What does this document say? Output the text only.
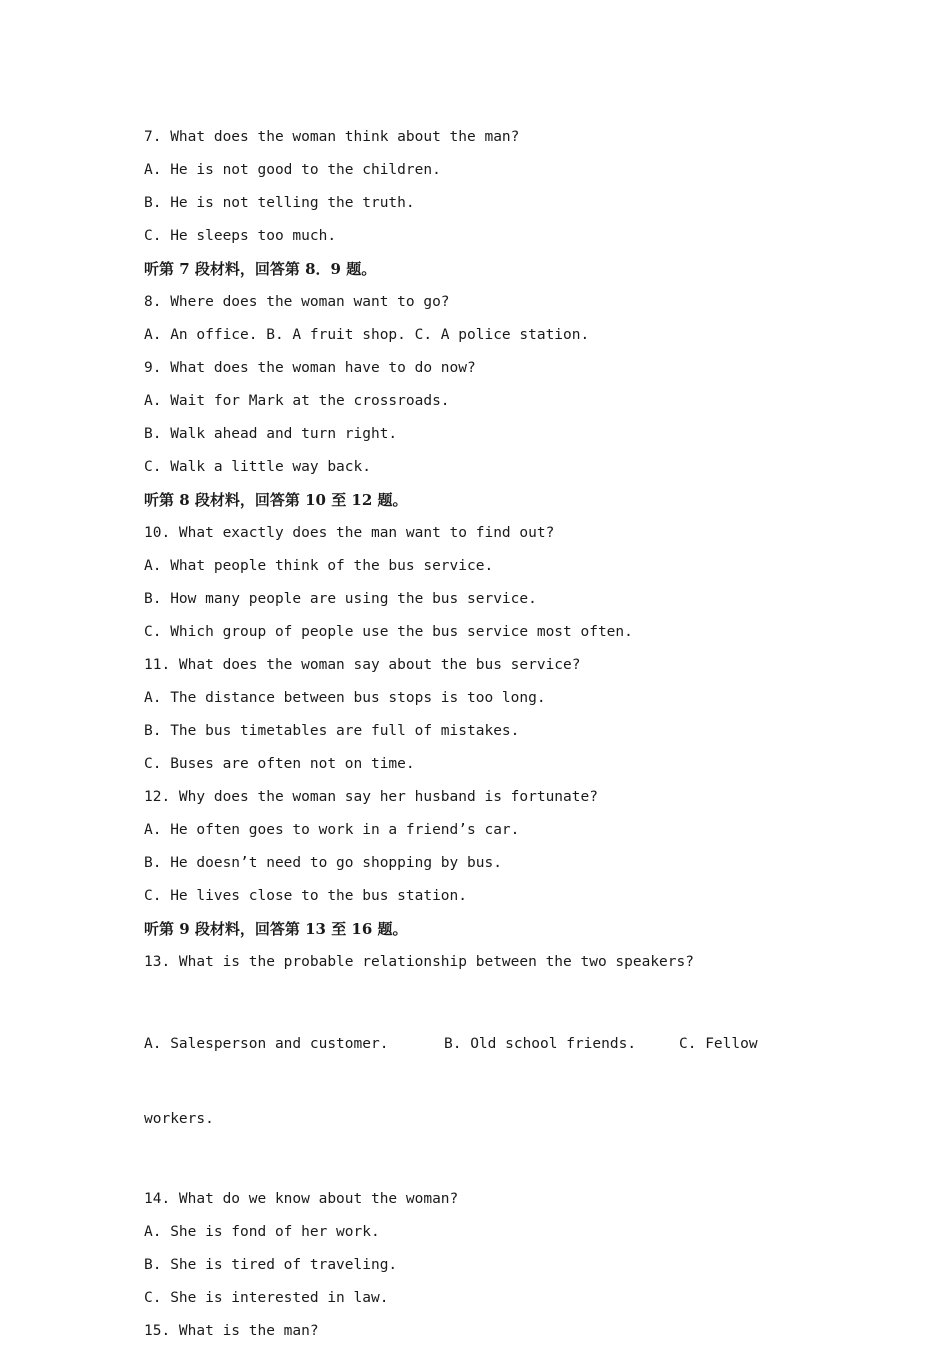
7. What does the woman think about the man?
A. He is not good to the children.
B. He is not telling the truth.
C. He sleeps too much.
听第 7 段材料，回答第 8．9 题。
8. Where does the woman want to go?
A. An office. B. A fruit shop. C. A police station.
9. What does the woman have to do now?
A. Wait for Mark at the crossroads.
B. Walk ahead and turn right.
C. Walk a little way back.
听第 8 段材料，回答第 10 至 12 题。
10. What exactly does the man want to find out?
A. What people think of the bus service.
B. How many people are using the bus service.
C. Which group of people use the bus service most often.
11. What does the woman say about the bus service?
A. The distance between bus stops is too long.
B. The bus timetables are full of mistakes.
C. Buses are often not on time.
12. Why does the woman say her husband is fortunate?
A. He often goes to work in a friend’s car.
B. He doesn’t need to go shopping by bus.
C. He lives close to the bus station.
听第 9 段材料，回答第 13 至 16 题。
13. What is the probable relationship between the two speakers?

A. Salesperson and customer.	B. Old school friends.	C. Fellow

workers.

14. What do we know about the woman?
A. She is fond of her work.
B. She is tired of traveling.
C. She is interested in law.
15. What is the man?
